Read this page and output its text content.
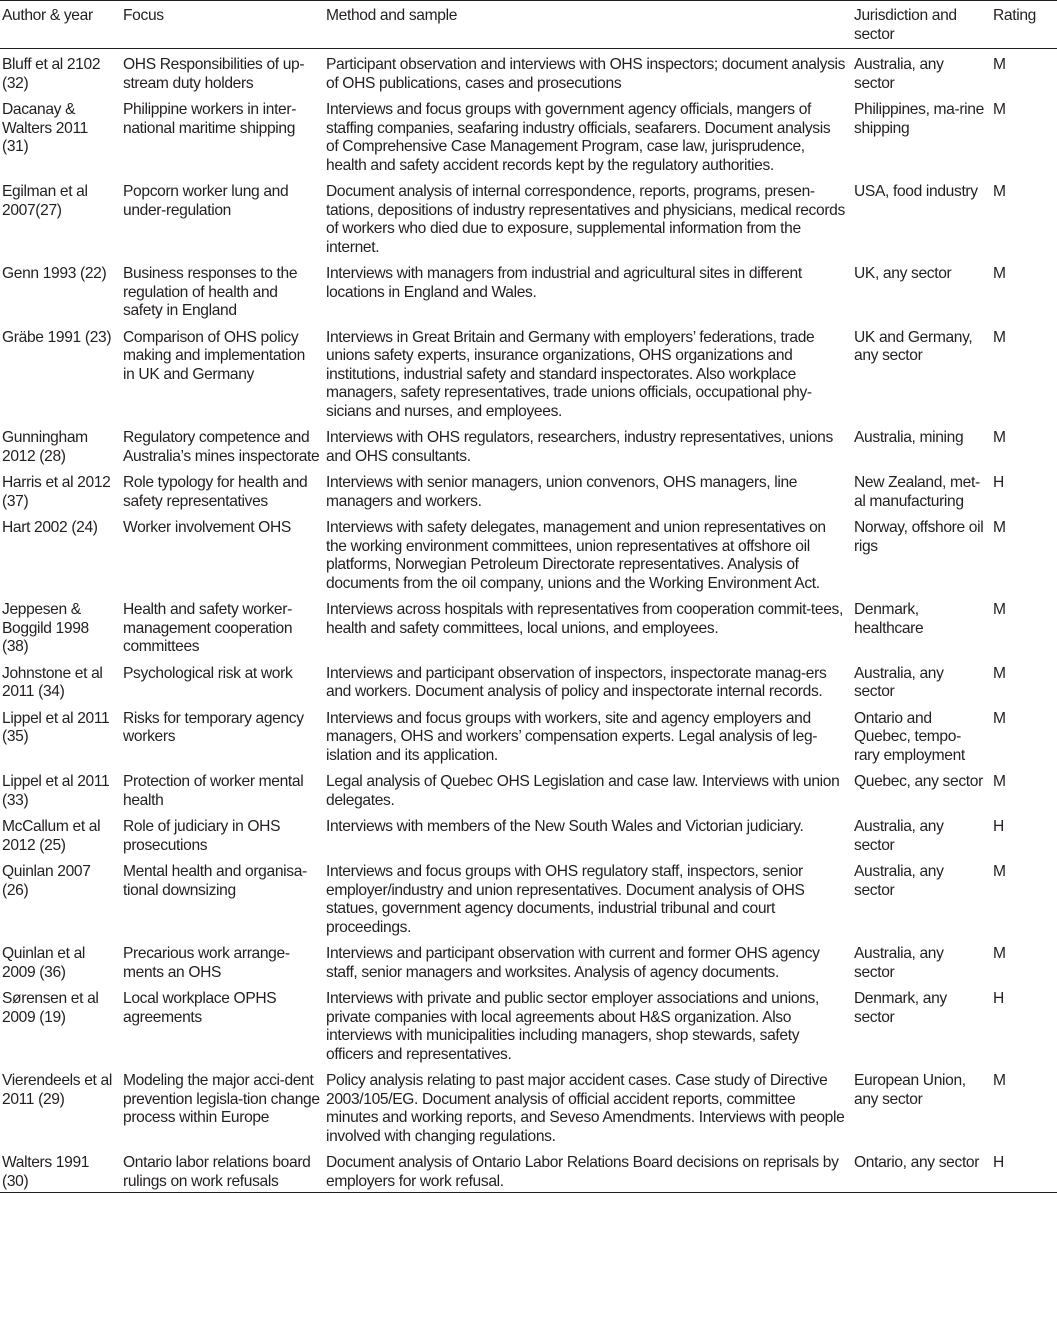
Author & year	Focus	Method and sample	Jurisdiction and sector	Rating
Bluff et al 2102 (32)	OHS Responsibilities of up-stream duty holders	Participant observation and interviews with OHS inspectors; document analysis of OHS publications, cases and prosecutions	Australia, any sector	M
Dacanay & Walters 2011 (31)	Philippine workers in inter-national maritime shipping	Interviews and focus groups with government agency officials, mangers of staffing companies, seafaring industry officials, seafarers. Document analysis of Comprehensive Case Management Program, case law, jurisprudence, health and safety accident records kept by the regulatory authorities.	Philippines, ma-rine shipping	M
Egilman et al 2007(27)	Popcorn worker lung and under-regulation	Document analysis of internal correspondence, reports, programs, presen-tations, depositions of industry representatives and physicians, medical records of workers who died due to exposure, supplemental information from the internet.	USA, food industry	M
Genn 1993 (22)	Business responses to the regulation of health and safety in England	Interviews with managers from industrial and agricultural sites in different locations in England and Wales.	UK, any sector	M
Gräbe 1991 (23)	Comparison of OHS policy making and implementation in UK and Germany	Interviews in Great Britain and Germany with employers’ federations, trade unions safety experts, insurance organizations, OHS organizations and institutions, industrial safety and standard inspectorates. Also workplace managers, safety representatives, trade unions officials, occupational phy-sicians and nurses, and employees.	UK and Germany, any sector	M
Gunningham 2012 (28)	Regulatory competence and Australia’s mines inspectorate	Interviews with OHS regulators, researchers, industry representatives, unions and OHS consultants.	Australia, mining	M
Harris et al 2012 (37)	Role typology for health and safety representatives	Interviews with senior managers, union convenors, OHS managers, line managers and workers.	New Zealand, met-al manufacturing	H
Hart 2002 (24)	Worker involvement OHS	Interviews with safety delegates, management and union representatives on the working environment committees, union representatives at offshore oil platforms, Norwegian Petroleum Directorate representatives. Analysis of documents from the oil company, unions and the Working Environment Act.	Norway, offshore oil rigs	M
Jeppesen & Boggild 1998 (38)	Health and safety worker-management cooperation committees	Interviews across hospitals with representatives from cooperation commit-tees, health and safety committees, local unions, and employees.	Denmark, healthcare	M
Johnstone et al 2011 (34)	Psychological risk at work	Interviews and participant observation of inspectors, inspectorate manag-ers and workers. Document analysis of policy and inspectorate internal records.	Australia, any sector	M
Lippel et al 2011 (35)	Risks for temporary agency workers	Interviews and focus groups with workers, site and agency employers and managers, OHS and workers’ compensation experts. Legal analysis of leg-islation and its application.	Ontario and Quebec, tempo-rary employment	M
Lippel et al 2011 (33)	Protection of worker mental health	Legal analysis of Quebec OHS Legislation and case law. Interviews with union delegates.	Quebec, any sector	M
McCallum et al 2012 (25)	Role of judiciary in OHS prosecutions	Interviews with members of the New South Wales and Victorian judiciary.	Australia, any sector	H
Quinlan 2007 (26)	Mental health and organisa-tional downsizing	Interviews and focus groups with OHS regulatory staff, inspectors, senior employer/industry and union representatives. Document analysis of OHS statues, government agency documents, industrial tribunal and court proceedings.	Australia, any sector	M
Quinlan et al 2009 (36)	Precarious work arrange-ments an OHS	Interviews and participant observation with current and former OHS agency staff, senior managers and worksites. Analysis of agency documents.	Australia, any sector	M
Sørensen et al 2009 (19)	Local workplace OPHS agreements	Interviews with private and public sector employer associations and unions, private companies with local agreements about H&S organization. Also interviews with municipalities including managers, shop stewards, safety officers and representatives.	Denmark, any sector	H
Vierendeels et al 2011 (29)	Modeling the major acci-dent prevention legisla-tion change process within Europe	Policy analysis relating to past major accident cases. Case study of Directive 2003/105/EG. Document analysis of official accident reports, committee minutes and working reports, and Seveso Amendments. Interviews with people involved with changing regulations.	European Union, any sector	M
Walters 1991 (30)	Ontario labor relations board rulings on work refusals	Document analysis of Ontario Labor Relations Board decisions on reprisals by employers for work refusal.	Ontario, any sector	H
